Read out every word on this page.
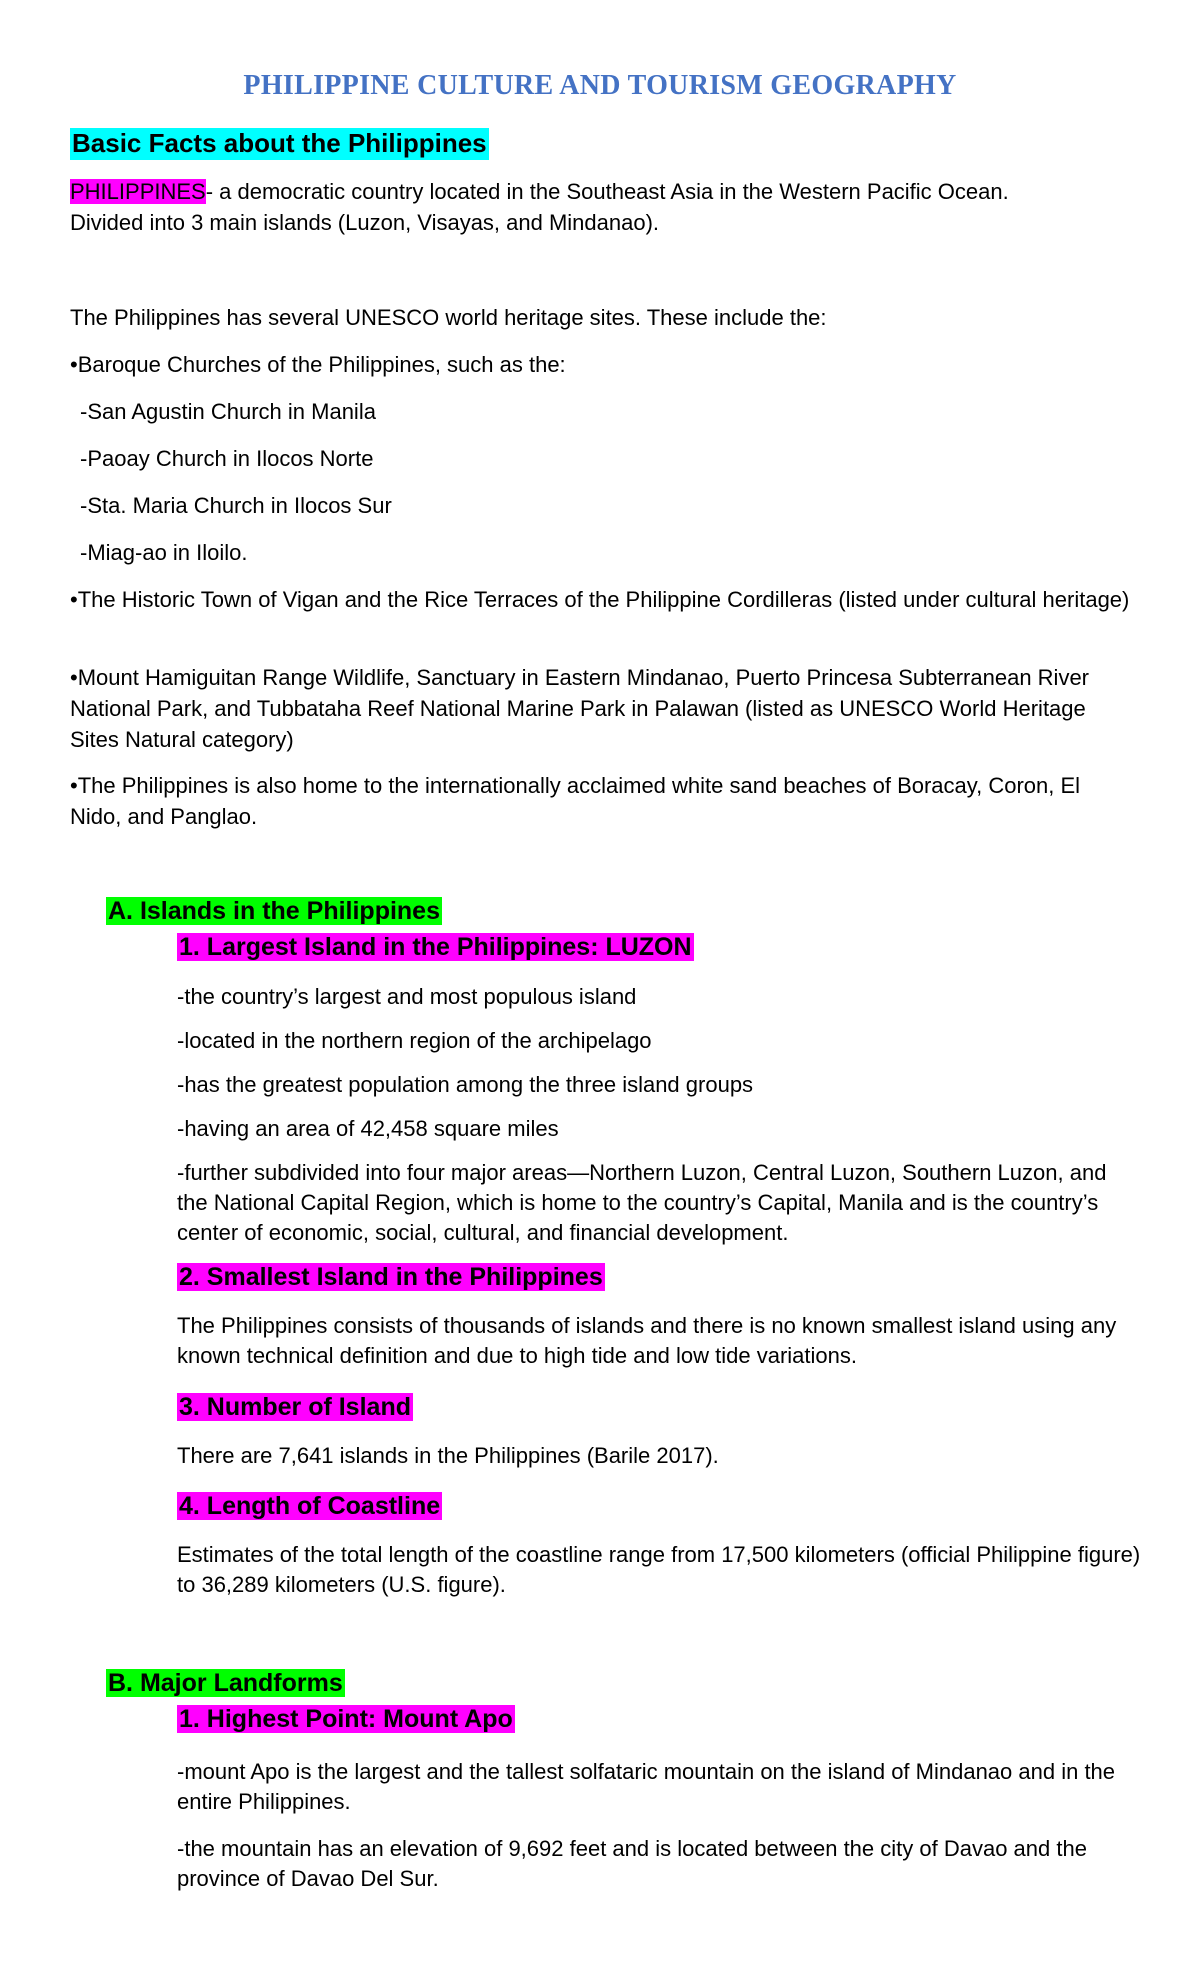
PHILIPPINE CULTURE AND TOURISM GEOGRAPHY
Basic Facts about the Philippines
PHILIPPINES- a democratic country located in the Southeast Asia in the Western Pacific Ocean.
Divided into 3 main islands (Luzon, Visayas, and Mindanao).
The Philippines has several UNESCO world heritage sites. These include the:
•Baroque Churches of the Philippines, such as the:
-San Agustin Church in Manila
-Paoay Church in Ilocos Norte
-Sta. Maria Church in Ilocos Sur
-Miag-ao in Iloilo.
•The Historic Town of Vigan and the Rice Terraces of the Philippine Cordilleras (listed under cultural heritage)
•Mount Hamiguitan Range Wildlife, Sanctuary in Eastern Mindanao, Puerto Princesa Subterranean River National Park, and Tubbataha Reef National Marine Park in Palawan (listed as UNESCO World Heritage Sites Natural category)
•The Philippines is also home to the internationally acclaimed white sand beaches of Boracay, Coron, El Nido, and Panglao.
A. Islands in the Philippines
1. Largest Island in the Philippines: LUZON
-the country’s largest and most populous island
-located in the northern region of the archipelago
-has the greatest population among the three island groups
-having an area of 42,458 square miles
-further subdivided into four major areas—Northern Luzon, Central Luzon, Southern Luzon, and the National Capital Region, which is home to the country’s Capital, Manila and is the country’s center of economic, social, cultural, and financial development.
2. Smallest Island in the Philippines
The Philippines consists of thousands of islands and there is no known smallest island using any known technical definition and due to high tide and low tide variations.
3. Number of Island
There are 7,641 islands in the Philippines (Barile 2017).
4. Length of Coastline
Estimates of the total length of the coastline range from 17,500 kilometers (official Philippine figure) to 36,289 kilometers (U.S. figure).
B. Major Landforms
1. Highest Point: Mount Apo
-mount Apo is the largest and the tallest solfataric mountain on the island of Mindanao and in the entire Philippines.
-the mountain has an elevation of 9,692 feet and is located between the city of Davao and the province of Davao Del Sur.
